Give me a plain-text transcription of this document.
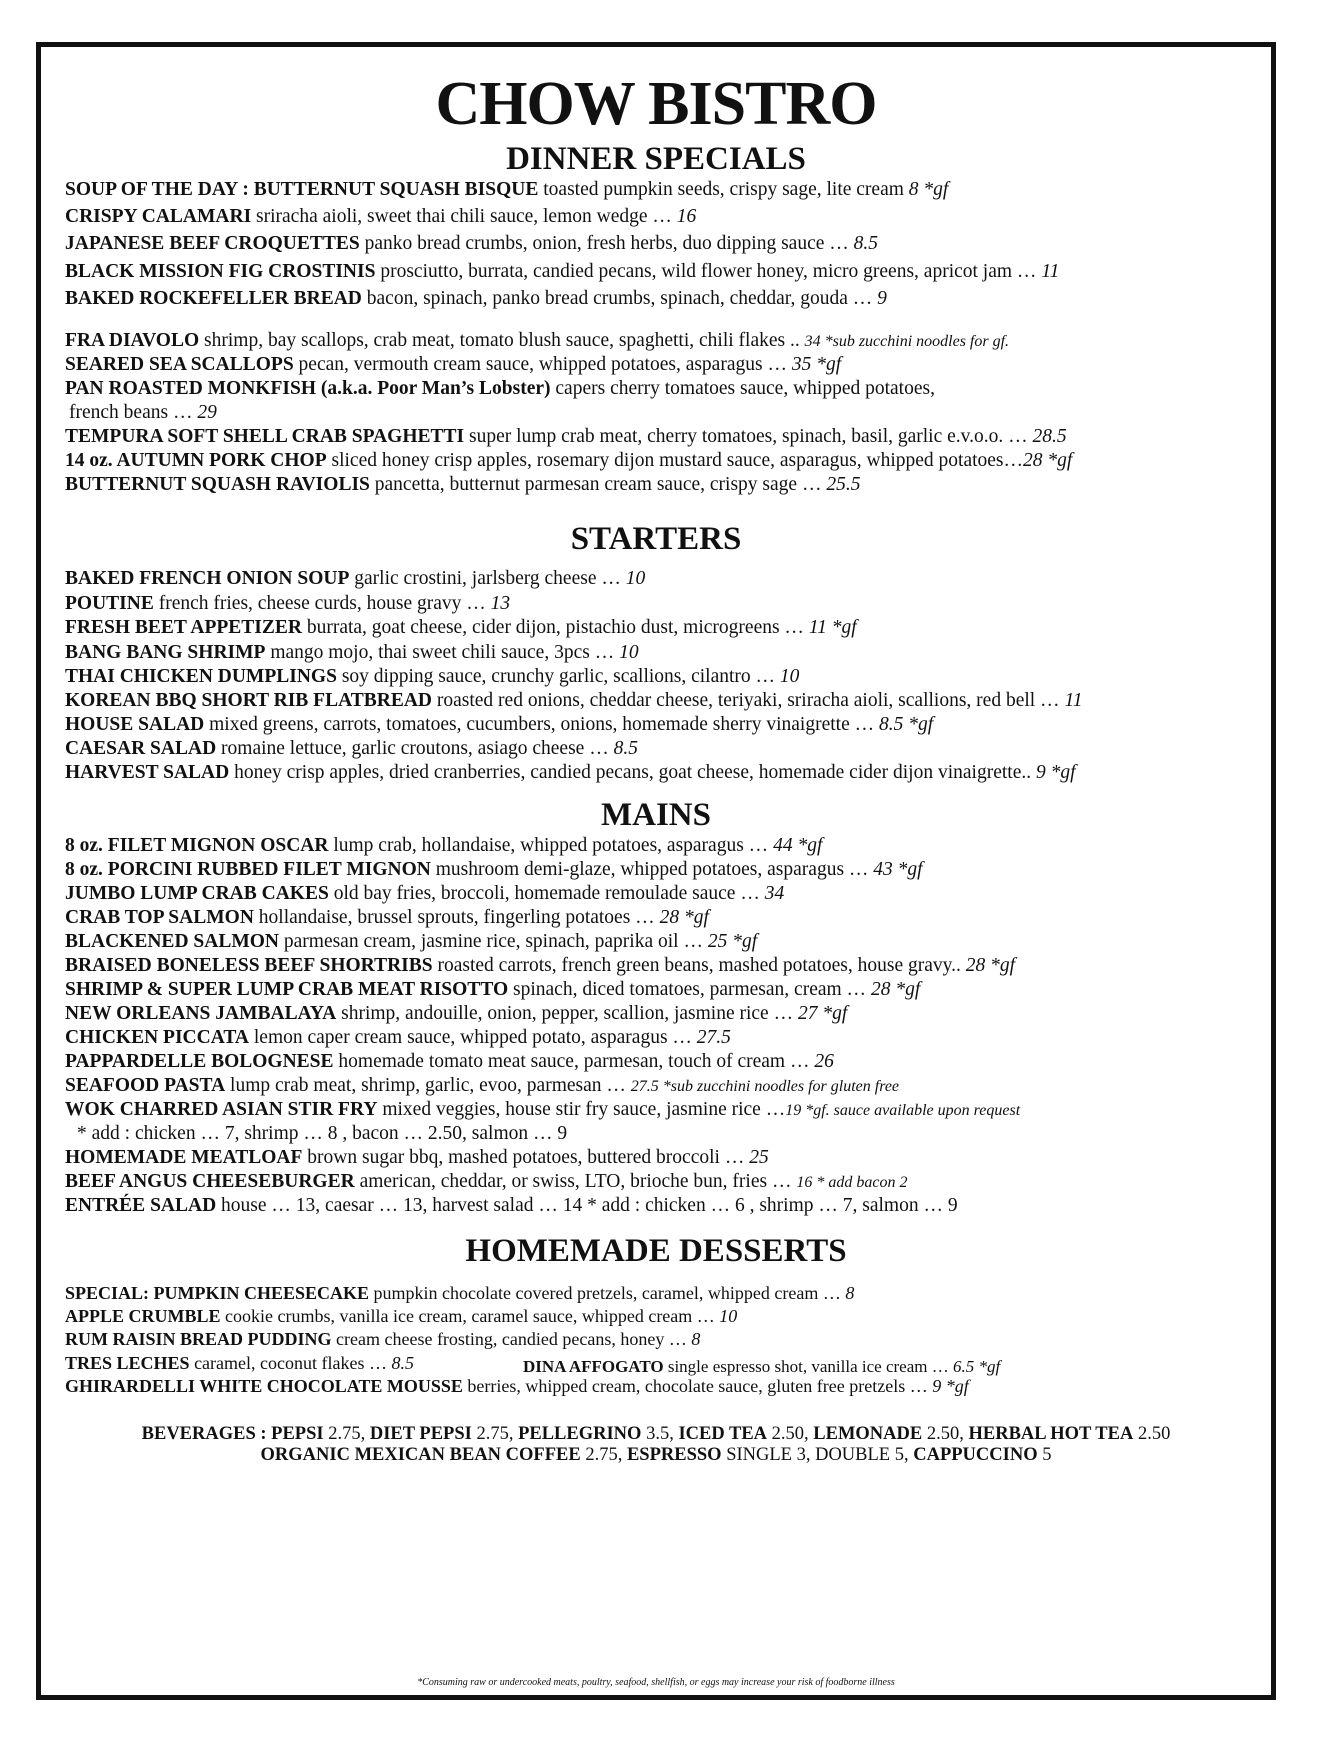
CHOW BISTRO
DINNER SPECIALS
SOUP OF THE DAY : BUTTERNUT SQUASH BISQUE toasted pumpkin seeds, crispy sage, lite cream 8 *gf
CRISPY CALAMARI sriracha aioli, sweet thai chili sauce, lemon wedge … 16
JAPANESE BEEF CROQUETTES panko bread crumbs, onion, fresh herbs, duo dipping sauce … 8.5
BLACK MISSION FIG CROSTINIS prosciutto, burrata, candied pecans, wild flower honey, micro greens, apricot jam … 11
BAKED ROCKEFELLER BREAD bacon, spinach, panko bread crumbs, spinach, cheddar, gouda … 9
FRA DIAVOLO shrimp, bay scallops, crab meat, tomato blush sauce, spaghetti, chili flakes .. 34 *sub zucchini noodles for gf.
SEARED SEA SCALLOPS pecan, vermouth cream sauce, whipped potatoes, asparagus … 35 *gf
PAN ROASTED MONKFISH (a.k.a. Poor Man’s Lobster) capers cherry tomatoes sauce, whipped potatoes,
french beans … 29
TEMPURA SOFT SHELL CRAB SPAGHETTI super lump crab meat, cherry tomatoes, spinach, basil, garlic e.v.o.o. … 28.5
14 oz. AUTUMN PORK CHOP sliced honey crisp apples, rosemary dijon mustard sauce, asparagus, whipped potatoes…28 *gf
BUTTERNUT SQUASH RAVIOLIS pancetta, butternut parmesan cream sauce, crispy sage … 25.5
STARTERS
BAKED FRENCH ONION SOUP garlic crostini, jarlsberg cheese … 10
POUTINE french fries, cheese curds, house gravy … 13
FRESH BEET APPETIZER burrata, goat cheese, cider dijon, pistachio dust, microgreens … 11 *gf
BANG BANG SHRIMP mango mojo, thai sweet chili sauce, 3pcs … 10
THAI CHICKEN DUMPLINGS soy dipping sauce, crunchy garlic, scallions, cilantro … 10
KOREAN BBQ SHORT RIB FLATBREAD roasted red onions, cheddar cheese, teriyaki, sriracha aioli, scallions, red bell … 11
HOUSE SALAD mixed greens, carrots, tomatoes, cucumbers, onions, homemade sherry vinaigrette … 8.5 *gf
CAESAR SALAD romaine lettuce, garlic croutons, asiago cheese … 8.5
HARVEST SALAD honey crisp apples, dried cranberries, candied pecans, goat cheese, homemade cider dijon vinaigrette.. 9 *gf
MAINS
8 oz. FILET MIGNON OSCAR lump crab, hollandaise, whipped potatoes, asparagus … 44 *gf
8 oz. PORCINI RUBBED FILET MIGNON mushroom demi-glaze, whipped potatoes, asparagus … 43 *gf
JUMBO LUMP CRAB CAKES old bay fries, broccoli, homemade remoulade sauce … 34
CRAB TOP SALMON hollandaise, brussel sprouts, fingerling potatoes … 28 *gf
BLACKENED SALMON parmesan cream, jasmine rice, spinach, paprika oil … 25 *gf
BRAISED BONELESS BEEF SHORTRIBS roasted carrots, french green beans, mashed potatoes, house gravy.. 28 *gf
SHRIMP & SUPER LUMP CRAB MEAT RISOTTO spinach, diced tomatoes, parmesan, cream … 28 *gf
NEW ORLEANS JAMBALAYA shrimp, andouille, onion, pepper, scallion, jasmine rice … 27 *gf
CHICKEN PICCATA lemon caper cream sauce, whipped potato, asparagus … 27.5
PAPPARDELLE BOLOGNESE homemade tomato meat sauce, parmesan, touch of cream … 26
SEAFOOD PASTA lump crab meat, shrimp, garlic, evoo, parmesan … 27.5 *sub zucchini noodles for gluten free
WOK CHARRED ASIAN STIR FRY mixed veggies, house stir fry sauce, jasmine rice …19 *gf. sauce available upon request
* add : chicken … 7, shrimp … 8 , bacon … 2.50, salmon … 9
HOMEMADE MEATLOAF brown sugar bbq, mashed potatoes, buttered broccoli … 25
BEEF ANGUS CHEESEBURGER american, cheddar, or swiss, LTO, brioche bun, fries … 16 * add bacon 2
ENTRÉE SALAD house … 13, caesar … 13, harvest salad … 14 * add : chicken … 6 , shrimp … 7, salmon … 9
HOMEMADE DESSERTS
SPECIAL: PUMPKIN CHEESECAKE pumpkin chocolate covered pretzels, caramel, whipped cream … 8
APPLE CRUMBLE cookie crumbs, vanilla ice cream, caramel sauce, whipped cream … 10
RUM RAISIN BREAD PUDDING cream cheese frosting, candied pecans, honey … 8
TRES LECHES caramel, coconut flakes … 8.5
GHIRARDELLI WHITE CHOCOLATE MOUSSE berries, whipped cream, chocolate sauce, gluten free pretzels … 9 *gf
DINA AFFOGATO single espresso shot, vanilla ice cream … 6.5 *gf
BEVERAGES : PEPSI 2.75, DIET PEPSI 2.75, PELLEGRINO 3.5, ICED TEA 2.50, LEMONADE 2.50, HERBAL HOT TEA 2.50
ORGANIC MEXICAN BEAN COFFEE 2.75, ESPRESSO SINGLE 3, DOUBLE 5, CAPPUCCINO 5
*Consuming raw or undercooked meats, poultry, seafood, shellfish, or eggs may increase your risk of foodborne illness
